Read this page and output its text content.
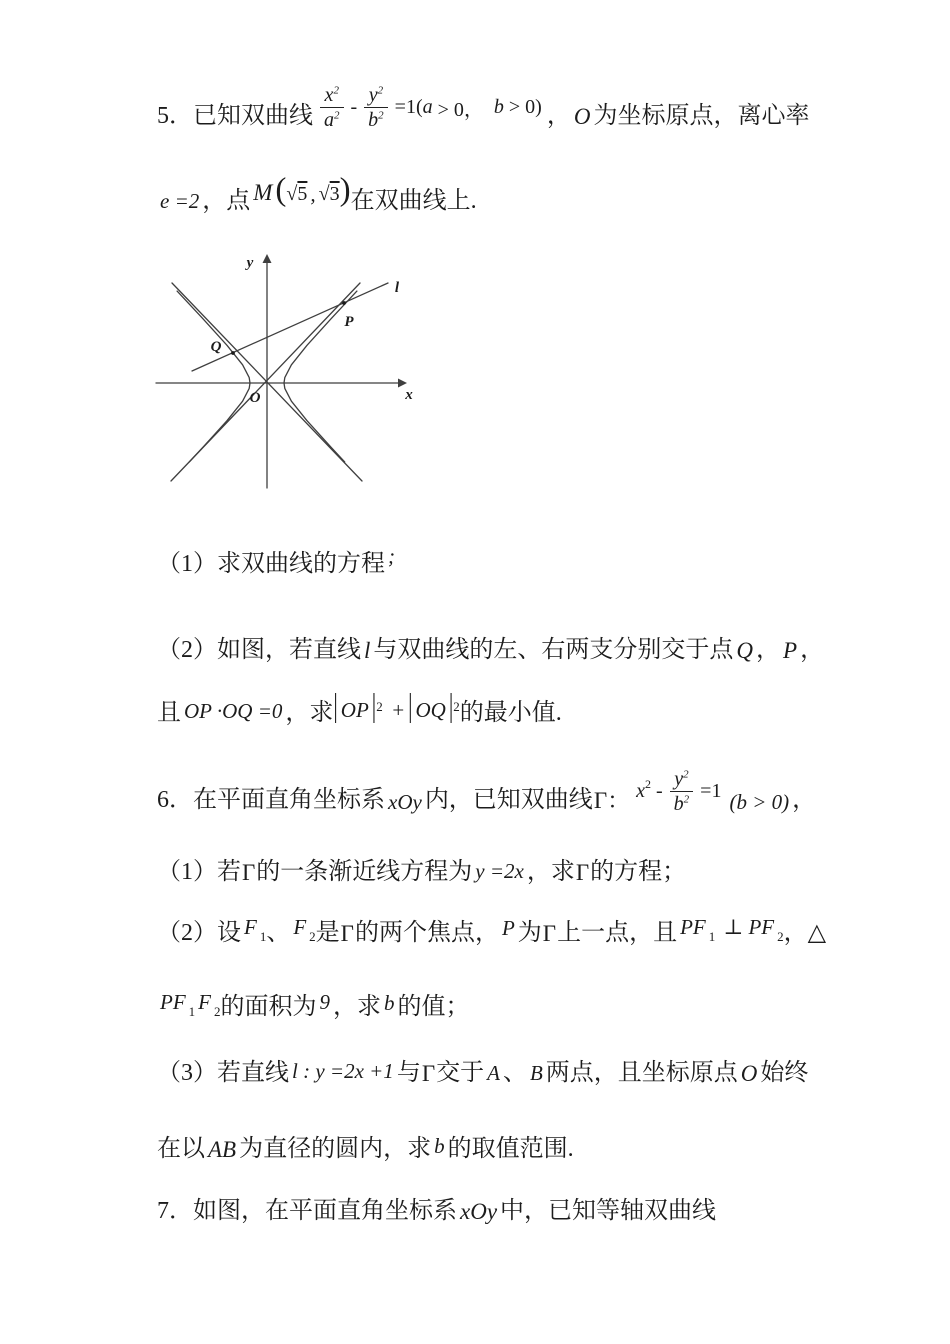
5．已知双曲线 $\frac{x^2}{a^2} - \frac{y^2}{b^2} =1$( a > 0， b > 0) ， O 为坐标原点，离心率
e =2 ，点 M ( √5 , √3 ) 在双曲线上.
（1）求双曲线的方程 ;
（2）如图，若直线 l 与双曲线的左、右两支分别交于点 Q ， P ，
且 OP ·OQ =0 ，求 | OP | 2 + | OQ | 2 的最小值.
6．在平面直角坐标系 xOy 内，已知双曲线 Γ： x $2 - \frac{y^2}{b^2} =1$ (b > 0) ，
（1）若 Γ 的一条渐近线方程为 y =2x ，求 Γ 的方程；
（2）设 F 1 、 F 2 是 Γ 的两个焦点， P 为 Γ 上一点，且 PF 1 ⊥ PF 2 ，△
PF 1 F 2 的面积为 9 ，求 b 的值；
（3）若直线 l : y =2x +1 与 Γ 交于 A 、 B 两点，且坐标原点 O 始终
在以 AB 为直径的圆内，求 b 的取值范围.
7．如图，在平面直角坐标系 xOy 中，已知等轴双曲线
y
x
O
l
P
Q
